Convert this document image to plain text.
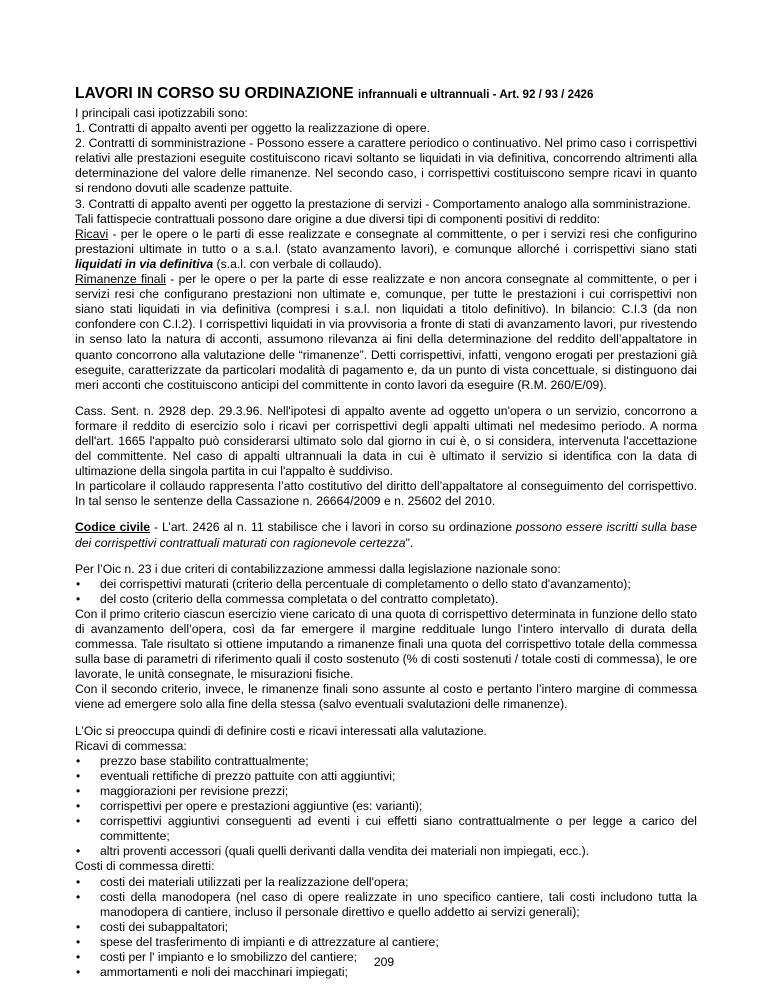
LAVORI IN CORSO SU ORDINAZIONE infrannuali e ultrannuali - Art. 92 / 93 / 2426

I principali casi ipotizzabili sono:

1. Contratti di appalto aventi per oggetto la realizzazione di opere.

2. Contratti di somministrazione - Possono essere a carattere periodico o continuativo. Nel primo caso i corrispettivi relativi alle prestazioni eseguite costituiscono ricavi soltanto se liquidati in via definitiva, concorrendo altrimenti alla determinazione del valore delle rimanenze. Nel secondo caso, i corrispettivi costituiscono sempre ricavi in quanto si rendono dovuti alle scadenze pattuite.

3. Contratti di appalto aventi per oggetto la prestazione di servizi - Comportamento analogo alla somministrazione.

Tali fattispecie contrattuali possono dare origine a due diversi tipi di componenti positivi di reddito:

Ricavi - per le opere o le parti di esse realizzate e consegnate al committente, o per i servizi resi che configurino prestazioni ultimate in tutto o a s.a.l. (stato avanzamento lavori), e comunque allorché i corrispettivi siano stati liquidati in via definitiva (s.a.l. con verbale di collaudo).

Rimanenze finali - per le opere o per la parte di esse realizzate e non ancora consegnate al committente, o per i servizi resi che configurano prestazioni non ultimate e, comunque, per tutte le prestazioni i cui corrispettivi non siano stati liquidati in via definitiva (compresi i s.a.l. non liquidati a titolo definitivo). In bilancio: C.I.3 (da non confondere con C.I.2). I corrispettivi liquidati in via provvisoria a fronte di stati di avanzamento lavori, pur rivestendo in senso lato la natura di acconti, assumono rilevanza ai fini della determinazione del reddito dell’appaltatore in quanto concorrono alla valutazione delle “rimanenze”. Detti corrispettivi, infatti, vengono erogati per prestazioni già eseguite, caratterizzate da particolari modalità di pagamento e, da un punto di vista concettuale, si distinguono dai meri acconti che costituiscono anticipi del committente in conto lavori da eseguire (R.M. 260/E/09).

Cass. Sent. n. 2928 dep. 29.3.96. Nell'ipotesi di appalto avente ad oggetto un'opera o un servizio, concorrono a formare il reddito di esercizio solo i ricavi per corrispettivi degli appalti ultimati nel medesimo periodo. A norma dell'art. 1665 l'appalto può considerarsi ultimato solo dal giorno in cui è, o si considera, intervenuta l'accettazione del committente. Nel caso di appalti ultrannuali la data in cui è ultimato il servizio si identifica con la data di ultimazione della singola partita in cui l'appalto è suddiviso.

In particolare il collaudo rappresenta l’atto costitutivo del diritto dell’appaltatore al conseguimento del corrispettivo. In tal senso le sentenze della Cassazione n. 26664/2009 e n. 25602 del 2010.

Codice civile - L’art. 2426 al n. 11 stabilisce che i lavori in corso su ordinazione possono essere iscritti sulla base dei corrispettivi contrattuali maturati con ragionevole certezza".

Per l’Oic n. 23 i due criteri di contabilizzazione ammessi dalla legislazione nazionale sono:

• dei corrispettivi maturati (criterio della percentuale di completamento o dello stato d'avanzamento);
• del costo (criterio della commessa completata o del contratto completato).

Con il primo criterio ciascun esercizio viene caricato di una quota di corrispettivo determinata in funzione dello stato di avanzamento dell’opera, così da far emergere il margine reddituale lungo l’intero intervallo di durata della commessa. Tale risultato si ottiene imputando a rimanenze finali una quota del corrispettivo totale della commessa sulla base di parametri di riferimento quali il costo sostenuto (% di costi sostenuti / totale costi di commessa), le ore lavorate, le unità consegnate, le misurazioni fisiche.

Con il secondo criterio, invece, le rimanenze finali sono assunte al costo e pertanto l’intero margine di commessa viene ad emergere solo alla fine della stessa (salvo eventuali svalutazioni delle rimanenze).

L’Oic si preoccupa quindi di definire costi e ricavi interessati alla valutazione.

Ricavi di commessa:

• prezzo base stabilito contrattualmente;
• eventuali rettifiche di prezzo pattuite con atti aggiuntivi;
• maggiorazioni per revisione prezzi;
• corrispettivi per opere e prestazioni aggiuntive (es: varianti);
• corrispettivi aggiuntivi conseguenti ad eventi i cui effetti siano contrattualmente o per legge a carico del committente;
• altri proventi accessori (quali quelli derivanti dalla vendita dei materiali non impiegati, ecc.).

Costi di commessa diretti:

• costi dei materiali utilizzati per la realizzazione dell'opera;
• costi della manodopera (nel caso di opere realizzate in uno specifico cantiere, tali costi includono tutta la manodopera di cantiere, incluso il personale direttivo e quello addetto ai servizi generali);
• costi dei subappaltatori;
• spese del trasferimento di impianti e di attrezzature al cantiere;
• costi per l' impianto e lo smobilizzo del cantiere;
• ammortamenti e noli dei macchinari impiegati;
209
